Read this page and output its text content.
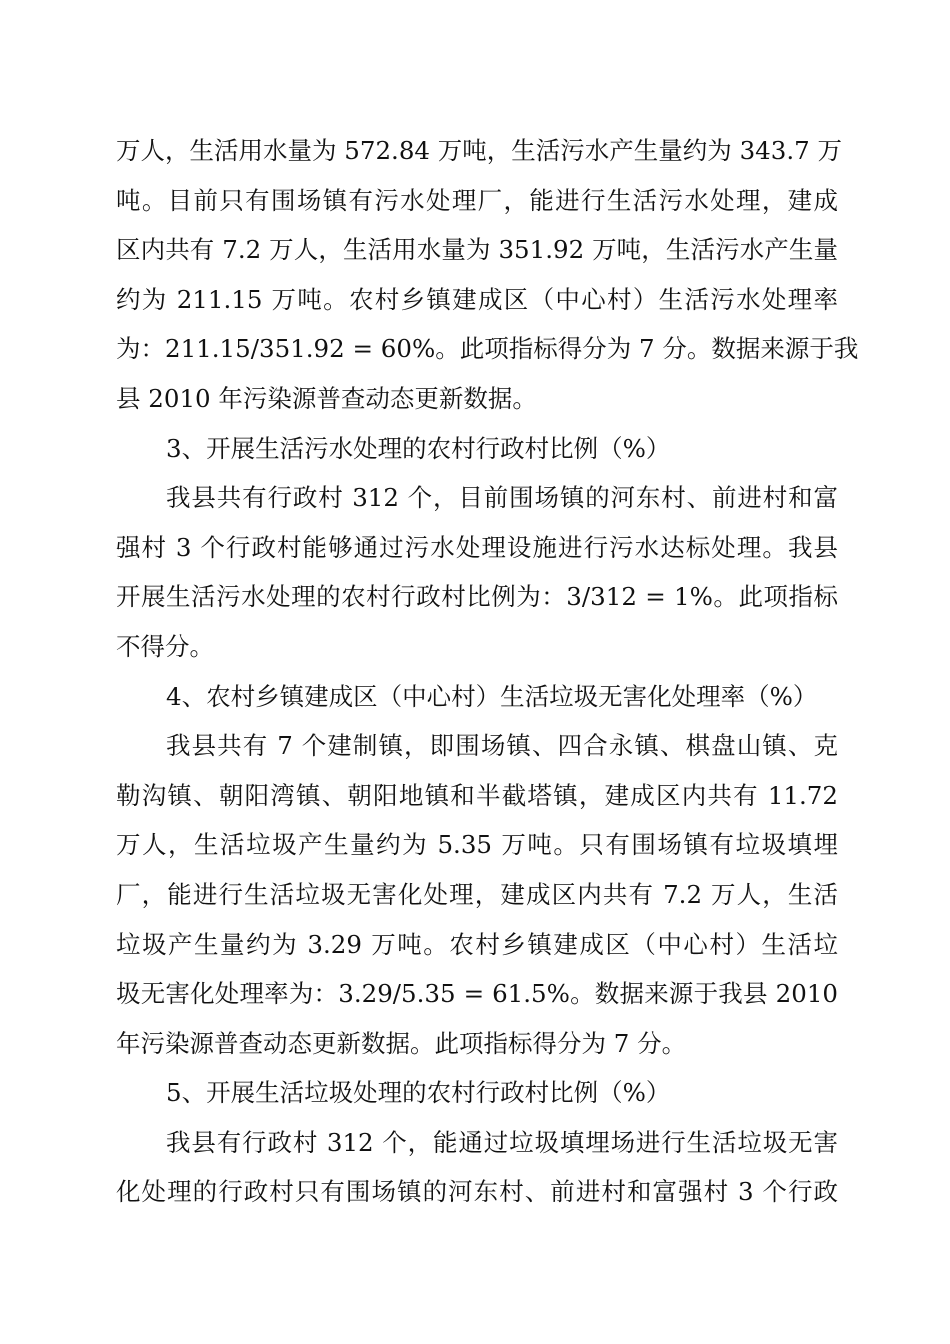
万人，生活用水量为 572.84 万吨，生活污水产生量约为 343.7 万
吨。目前只有围场镇有污水处理厂，能进行生活污水处理，建成
区内共有 7.2 万人，生活用水量为 351.92 万吨，生活污水产生量
约为 211.15 万吨。农村乡镇建成区（中心村）生活污水处理率
为：211.15/351.92 = 60%。此项指标得分为 7 分。数据来源于我
县 2010 年污染源普查动态更新数据。
3、开展生活污水处理的农村行政村比例（%）
我县共有行政村 312 个，目前围场镇的河东村、前进村和富
强村 3 个行政村能够通过污水处理设施进行污水达标处理。我县
开展生活污水处理的农村行政村比例为：3/312 = 1%。此项指标
不得分。
4、农村乡镇建成区（中心村）生活垃圾无害化处理率（%）
我县共有 7 个建制镇，即围场镇、四合永镇、棋盘山镇、克
勒沟镇、朝阳湾镇、朝阳地镇和半截塔镇，建成区内共有 11.72
万人，生活垃圾产生量约为 5.35 万吨。只有围场镇有垃圾填埋
厂，能进行生活垃圾无害化处理，建成区内共有 7.2 万人，生活
垃圾产生量约为 3.29 万吨。农村乡镇建成区（中心村）生活垃
圾无害化处理率为：3.29/5.35 = 61.5%。数据来源于我县 2010
年污染源普查动态更新数据。此项指标得分为 7 分。
5、开展生活垃圾处理的农村行政村比例（%）
我县有行政村 312 个，能通过垃圾填埋场进行生活垃圾无害
化处理的行政村只有围场镇的河东村、前进村和富强村 3 个行政
